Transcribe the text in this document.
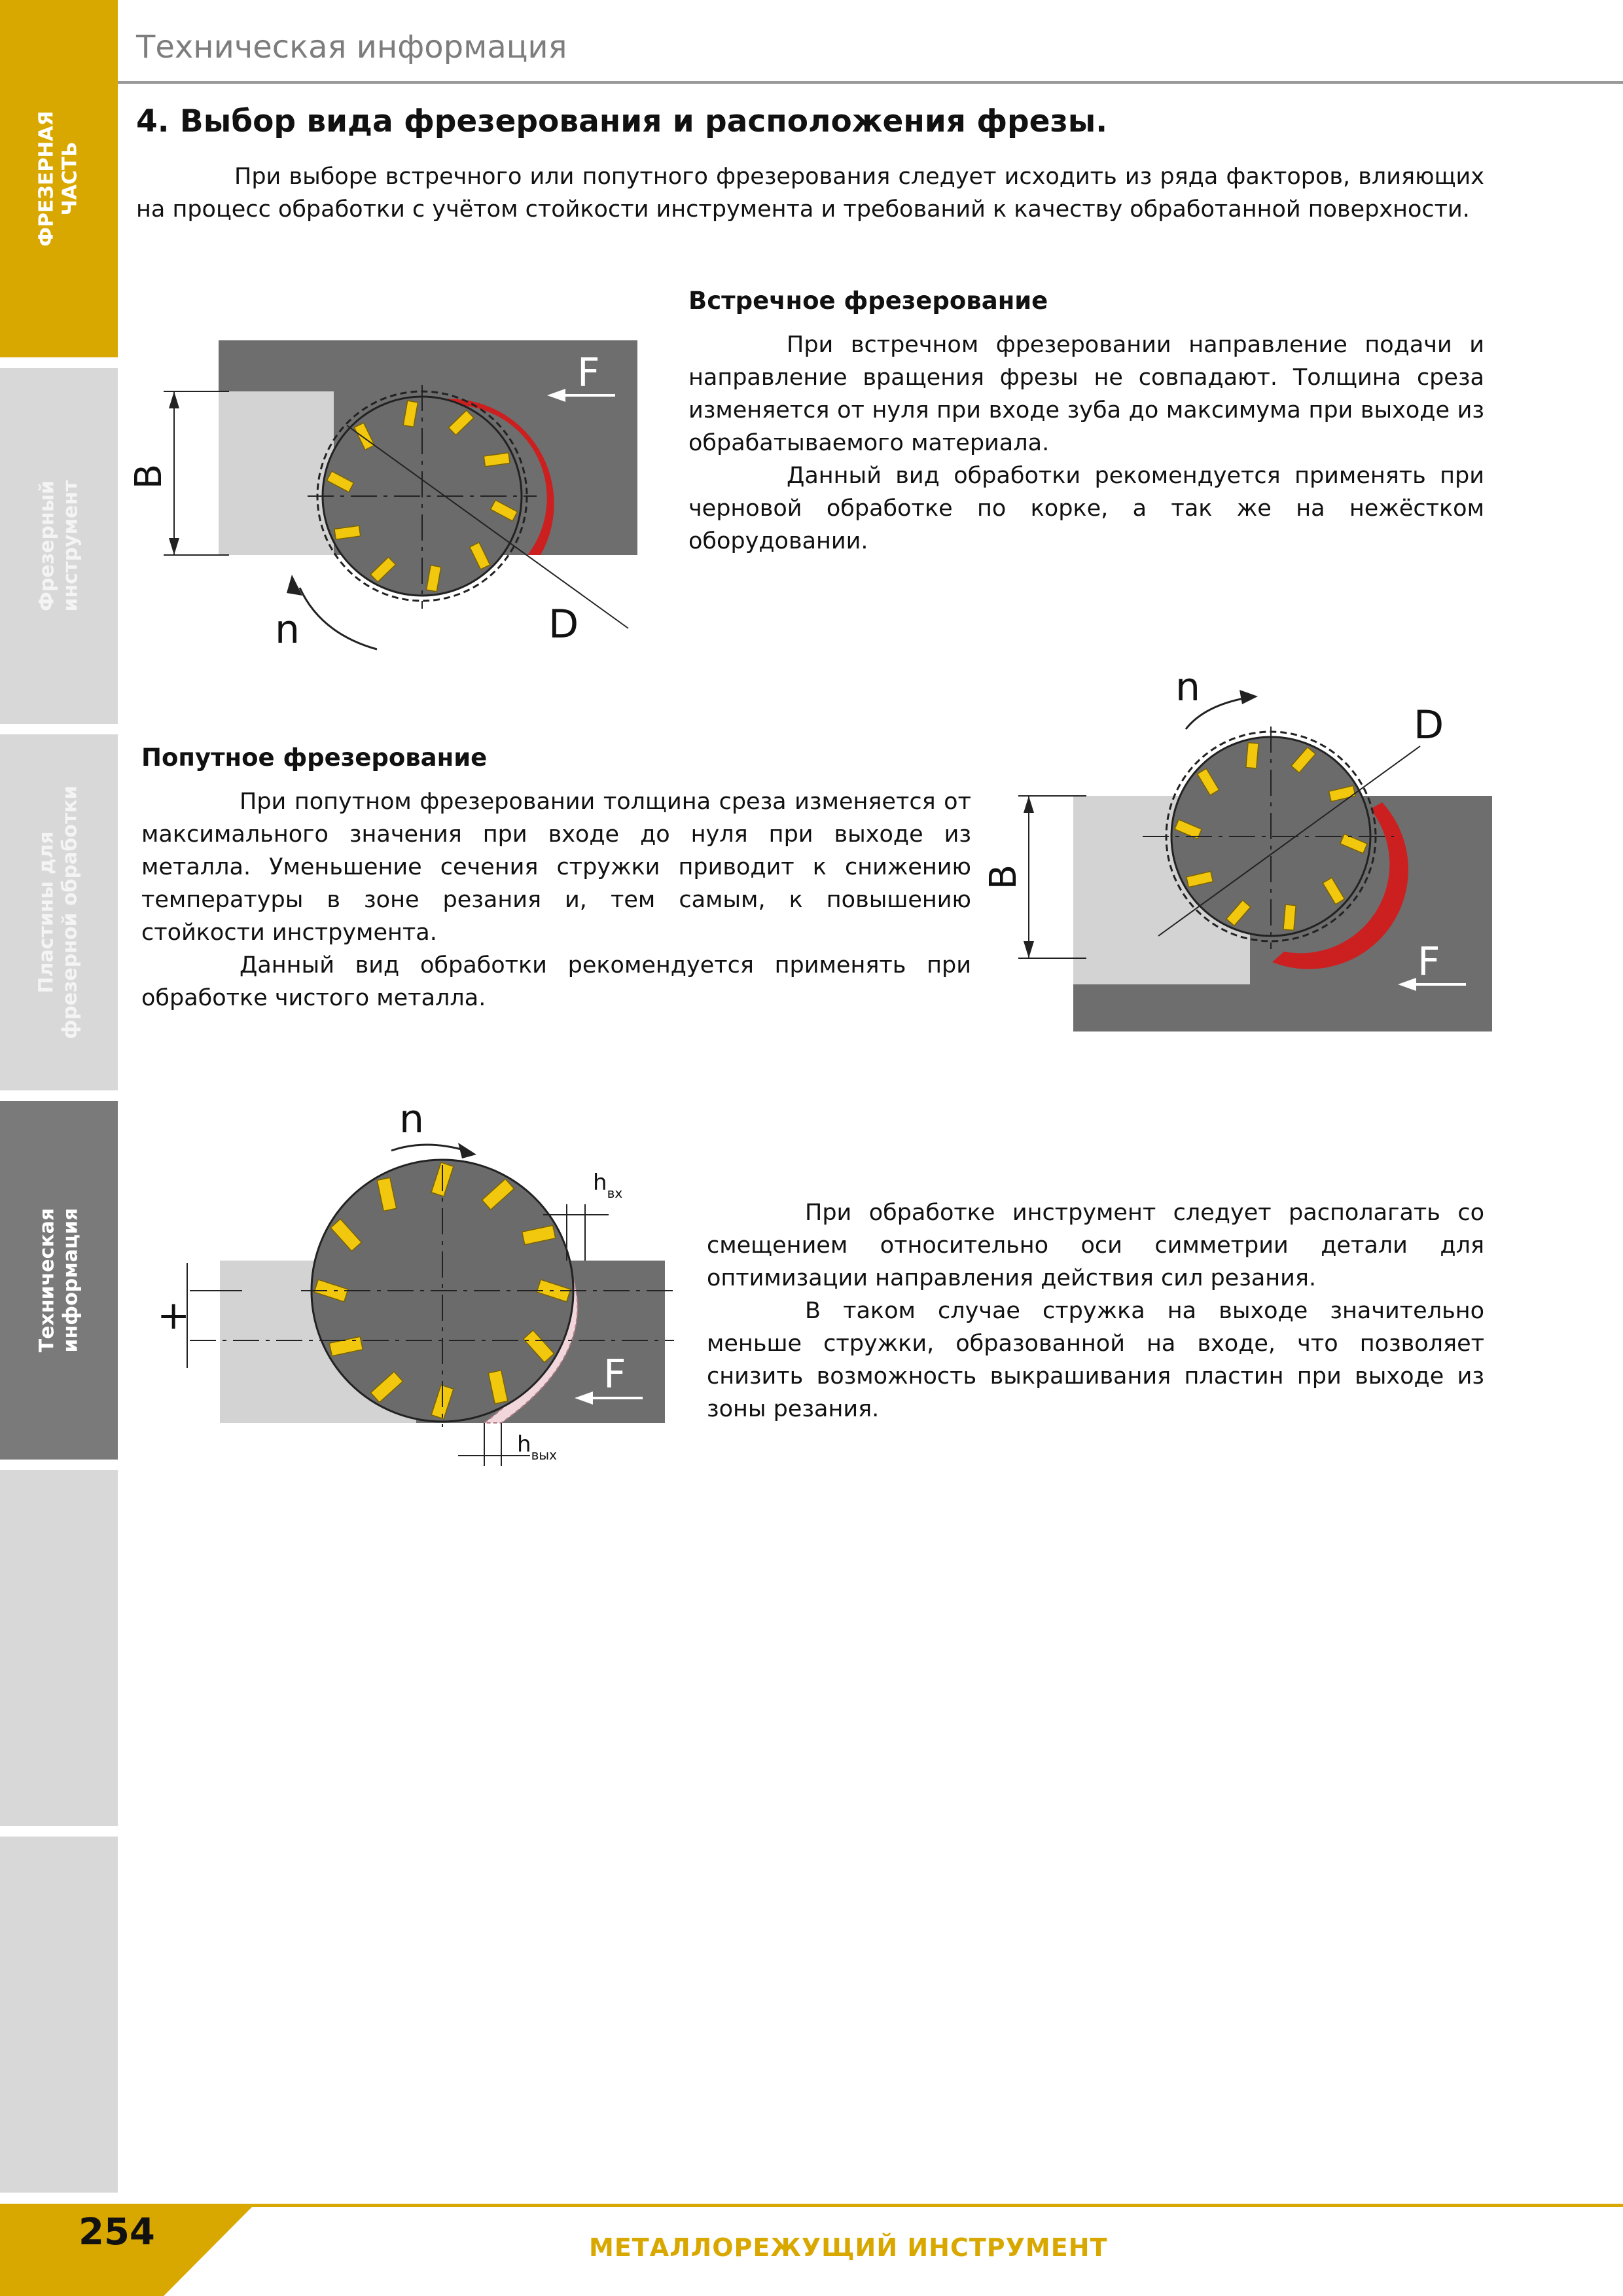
ФРЕЗЕРНАЯ ЧАСТЬ
Фрезерный инструмент
Пластины для фрезерной обработки
Техническая информация
Техническая информация
4. Выбор вида фрезерования и расположения фрезы.

При выборе встречного или попутного фрезерования следует исходить из ряда факторов, влияющих на процесс обработки с учётом стойкости инструмента и требований к качеству обработанной поверхности.

B
F
n	D
Встречное фрезерование

При встречном фрезеровании направление подачи и направление вращения фрезы не совпадают. Толщина среза изменяется от нуля при входе зуба до максимума при выходе из обрабатываемого материала.

Данный вид обработки рекомендуется применять при черновой обработке по корке, а так же на нежёстком оборудовании.

Попутное фрезерование

При попутном фрезеровании толщина среза изменяется от максимального значения при входе до нуля при выходе из металла. Уменьшение сечения стружки приводит к снижению температуры в зоне резания и, тем самым, к повышению стойкости инструмента.

Данный вид обработки рекомендуется применять при обработке чистого металла.

B
F
n
D
+
$h_{вх}$
$h_{вых}$
F
n

При обработке инструмент следует располагать со смещением относительно оси симметрии детали для оптимизации направления действия сил резания.

В таком случае стружка на выходе значительно меньше стружки, образованной на входе, что позволяет снизить возможность выкрашивания пластин при выходе из зоны резания.

254	МЕТАЛЛОРЕЖУЩИЙ ИНСТРУМЕНТ
